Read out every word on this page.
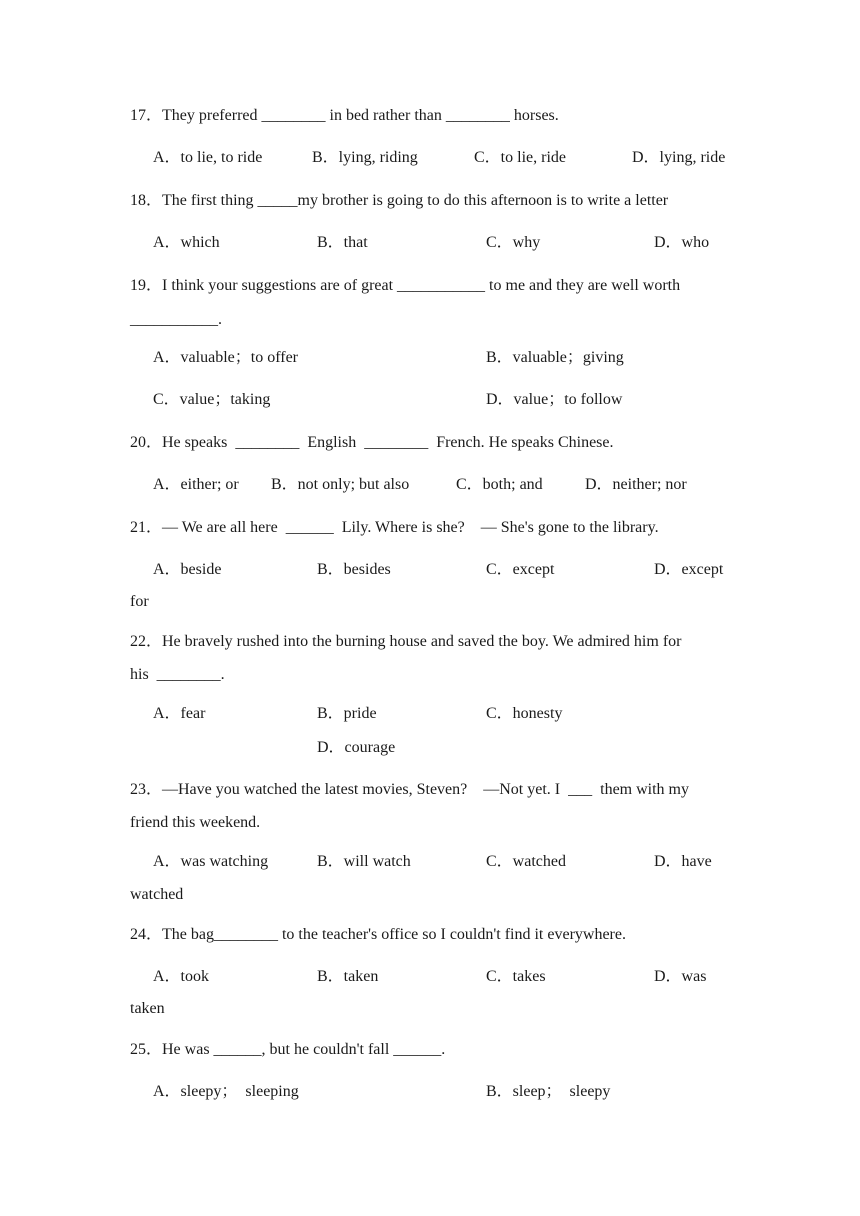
17．They preferred ________ in bed rather than ________ horses.
A．to lie, to ride	B．lying, riding	C．to lie, ride	D．lying, ride
18．The first thing _____my brother is going to do this afternoon is to write a letter
A．which	B．that	C．why	D．who
19．I think your suggestions are of great ___________ to me and they are well worth
___________.
A．valuable；to offer	B．valuable；giving
C．value；taking	D．value；to follow
20．He speaks  ________  English  ________  French. He speaks Chinese.
A．either; or B．not only; but also	C．both; and	D．neither; nor
21．— We are all here  ______  Lily. Where is she?    — She's gone to the library.
A．beside	B．besides	C．except	D．except
for
22．He bravely rushed into the burning house and saved the boy. We admired him for
his  ________.
A．fear	B．pride	C．honesty
D．courage
23．—Have you watched the latest movies, Steven?    —Not yet. I  ___  them with my
friend this weekend.
A．was watching	B．will watch	C．watched	D．have
watched
24．The bag________ to the teacher's office so I couldn't find it everywhere.
A．took	B．taken	C．takes	D．was
taken
25．He was ______, but he couldn't fall ______.
A．sleepy；  sleeping	B．sleep；  sleepy
